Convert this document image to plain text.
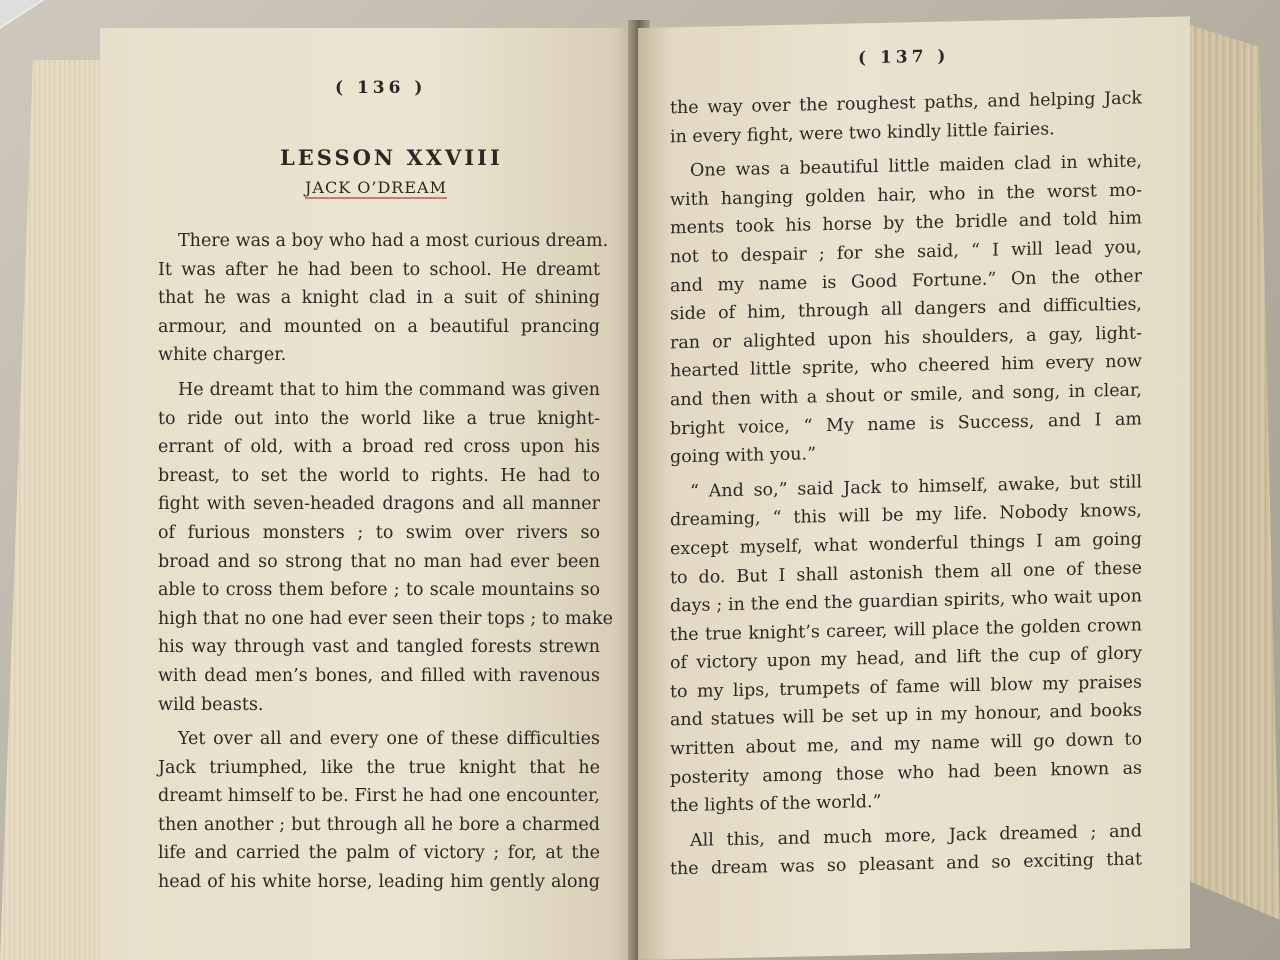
( 136 )
LESSON XXVIII
JACK O’DREAM
There was a boy who had a most curious dream.
It was after he had been to school. He dreamt
that he was a knight clad in a suit of shining
armour, and mounted on a beautiful prancing
white charger.
He dreamt that to him the command was given
to ride out into the world like a true knight-
errant of old, with a broad red cross upon his
breast, to set the world to rights. He had to
fight with seven-headed dragons and all manner
of furious monsters ; to swim over rivers so
broad and so strong that no man had ever been
able to cross them before ; to scale mountains so
high that no one had ever seen their tops ; to make
his way through vast and tangled forests strewn
with dead men’s bones, and filled with ravenous
wild beasts.
Yet over all and every one of these difficulties
Jack triumphed, like the true knight that he
dreamt himself to be. First he had one encounter,
then another ; but through all he bore a charmed
life and carried the palm of victory ; for, at the
head of his white horse, leading him gently along
( 137 )
the way over the roughest paths, and helping Jack
in every fight, were two kindly little fairies.
One was a beautiful little maiden clad in white,
with hanging golden hair, who in the worst mo-
ments took his horse by the bridle and told him
not to despair ; for she said, “ I will lead you,
and my name is Good Fortune.” On the other
side of him, through all dangers and difficulties,
ran or alighted upon his shoulders, a gay, light-
hearted little sprite, who cheered him every now
and then with a shout or smile, and song, in clear,
bright voice, “ My name is Success, and I am
going with you.”
“ And so,” said Jack to himself, awake, but still
dreaming, “ this will be my life. Nobody knows,
except myself, what wonderful things I am going
to do. But I shall astonish them all one of these
days ; in the end the guardian spirits, who wait upon
the true knight’s career, will place the golden crown
of victory upon my head, and lift the cup of glory
to my lips, trumpets of fame will blow my praises
and statues will be set up in my honour, and books
written about me, and my name will go down to
posterity among those who had been known as
the lights of the world.”
All this, and much more, Jack dreamed ; and
the dream was so pleasant and so exciting that
